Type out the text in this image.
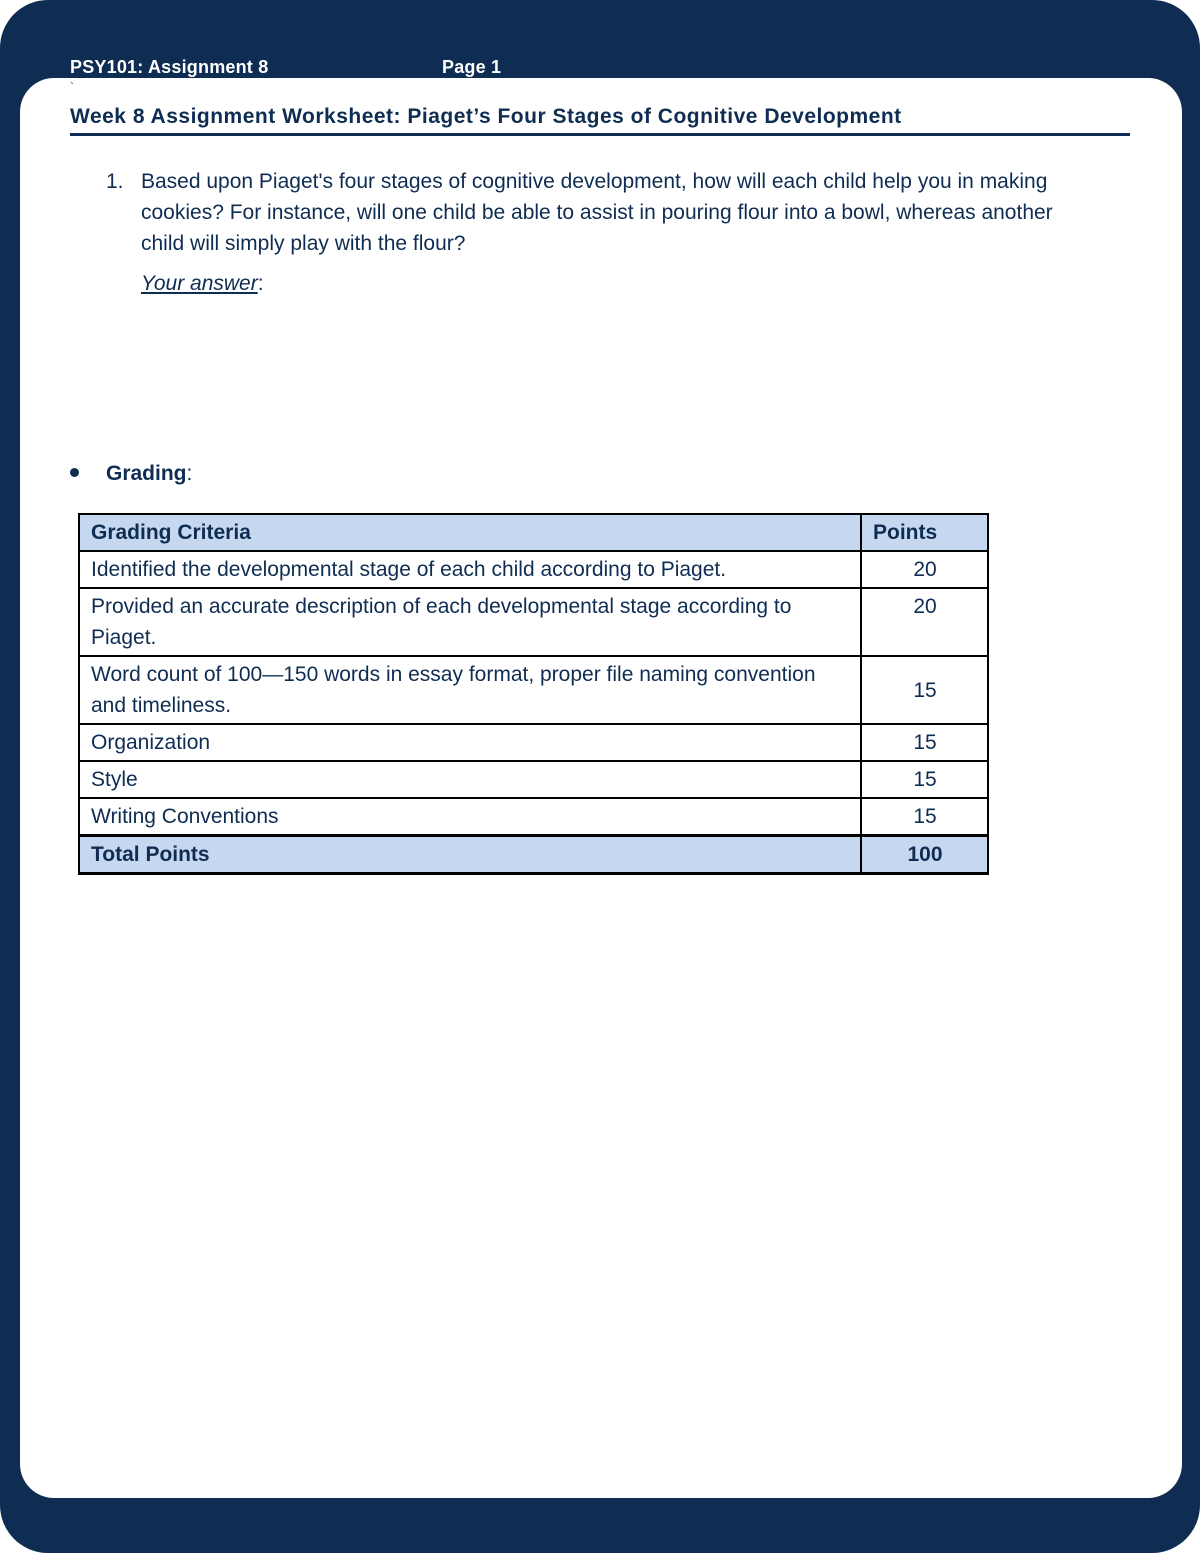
PSY101: Assignment 8	Page 1
`
Week 8 Assignment Worksheet: Piaget’s Four Stages of Cognitive Development
1. Based upon Piaget's four stages of cognitive development, how will each child help you in making cookies? For instance, will one child be able to assist in pouring flour into a bowl, whereas another child will simply play with the flour?
Your answer:
Grading:
Grading Criteria	Points
Identified the developmental stage of each child according to Piaget.	20
Provided an accurate description of each developmental stage according to Piaget.	20
Word count of 100—150 words in essay format, proper file naming convention and timeliness.	15
Organization	15
Style	15
Writing Conventions	15
Total Points	100
